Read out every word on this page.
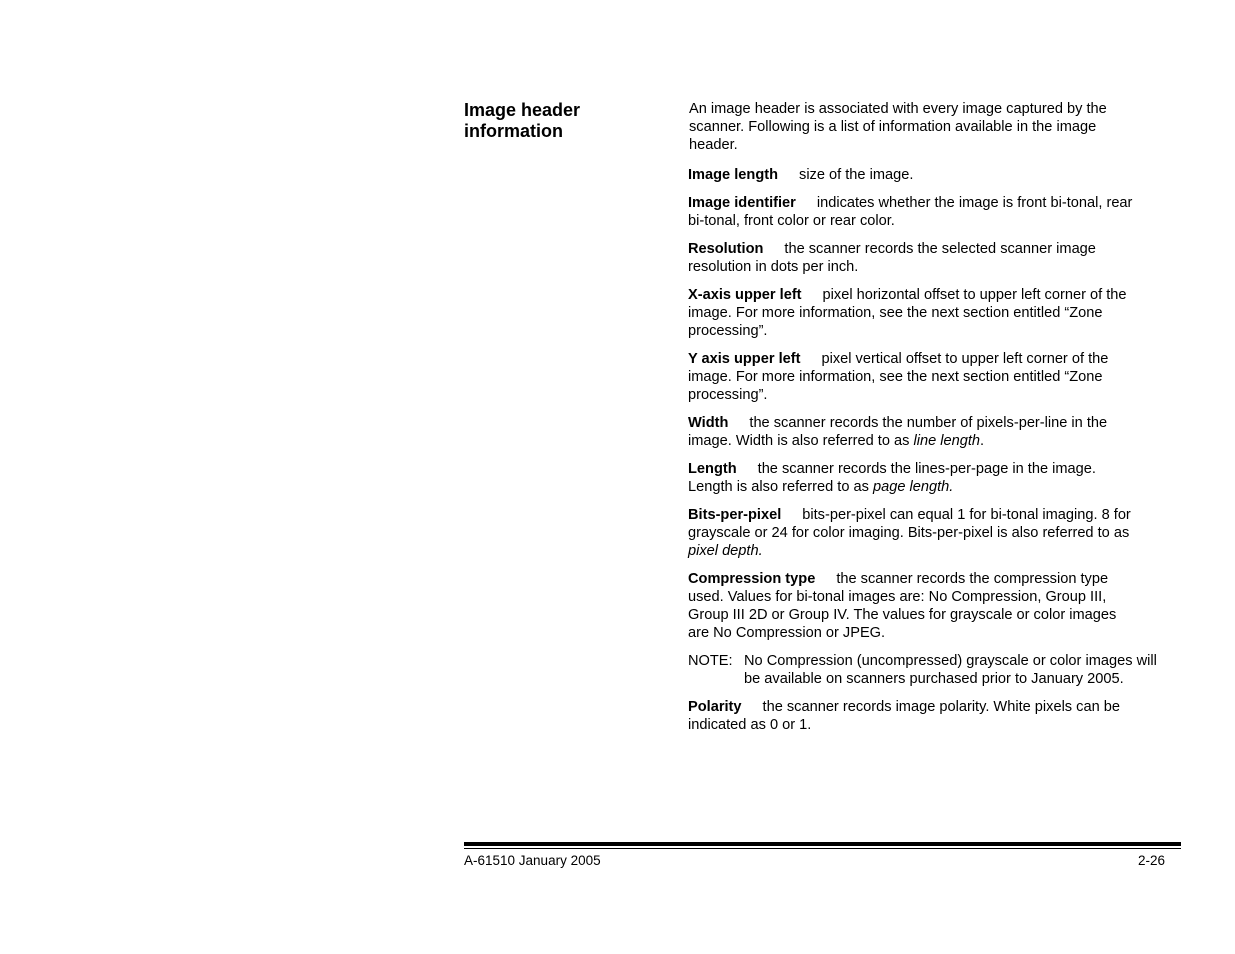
Image header information

An image header is associated with every image captured by the scanner. Following is a list of information available in the image header.

Image length size of the image.

Image identifier indicates whether the image is front bi-tonal, rear bi-tonal, front color or rear color.

Resolution the scanner records the selected scanner image resolution in dots per inch.

X-axis upper left pixel horizontal offset to upper left corner of the image. For more information, see the next section entitled “Zone processing”.

Y axis upper left pixel vertical offset to upper left corner of the image. For more information, see the next section entitled “Zone processing”.

Width the scanner records the number of pixels-per-line in the image. Width is also referred to as line length.

Length the scanner records the lines-per-page in the image. Length is also referred to as page length.

Bits-per-pixel bits-per-pixel can equal 1 for bi-tonal imaging. 8 for grayscale or 24 for color imaging. Bits-per-pixel is also referred to as pixel depth.

Compression type the scanner records the compression type used. Values for bi-tonal images are: No Compression, Group III, Group III 2D or Group IV. The values for grayscale or color images are No Compression or JPEG.

NOTE: No Compression (uncompressed) grayscale or color images will be available on scanners purchased prior to January 2005.

Polarity the scanner records image polarity. White pixels can be indicated as 0 or 1.

A-61510 January 2005	2-26
